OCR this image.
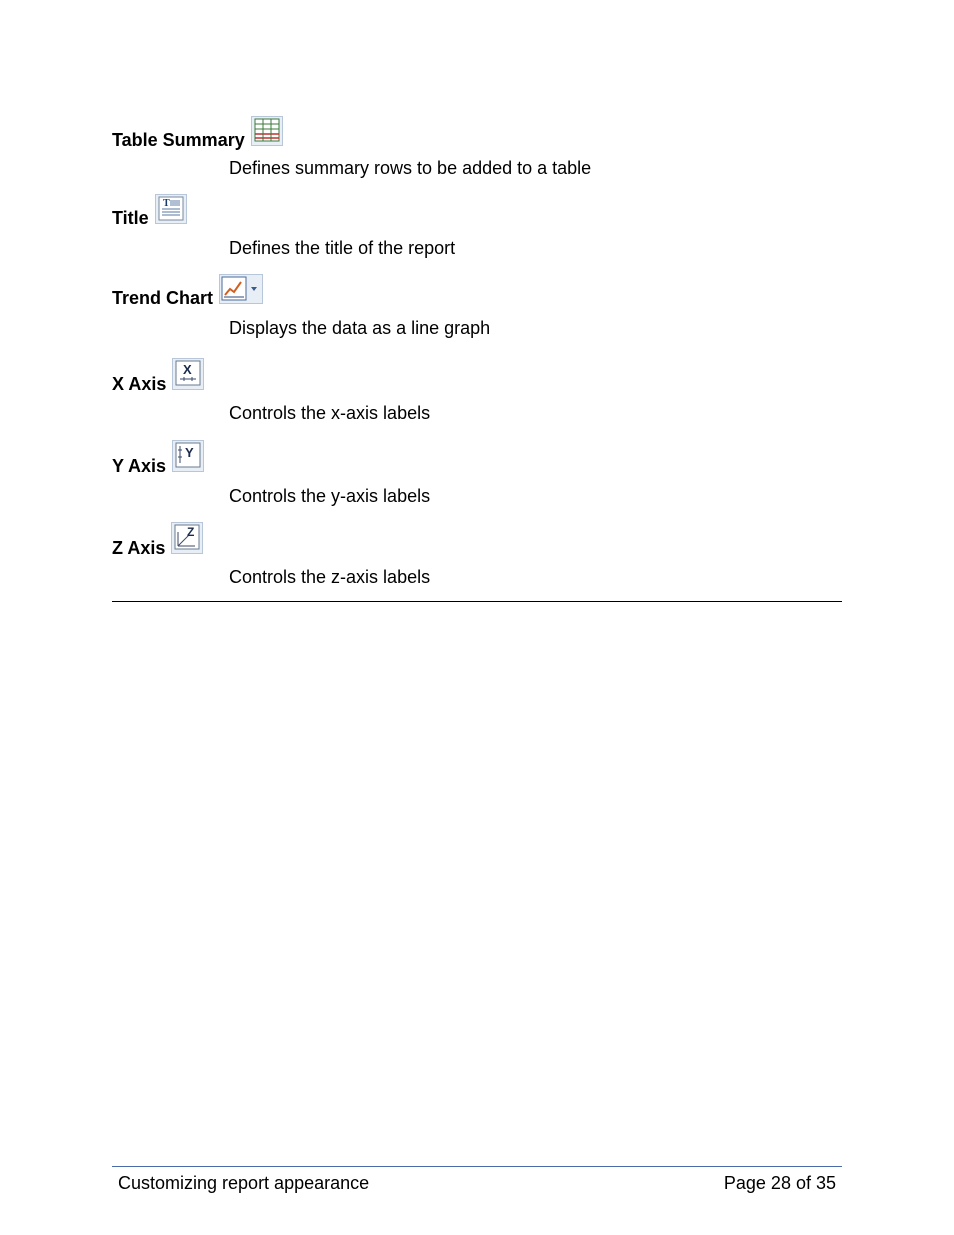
Table Summary
Defines summary rows to be added to a table
Title
T
Defines the title of the report
Trend Chart
Displays the data as a line graph
X Axis
X
Controls the x-axis labels
Y Axis
Y
Controls the y-axis labels
Z Axis
Z
Controls the z-axis labels
Customizing report appearance	Page 28 of 35
